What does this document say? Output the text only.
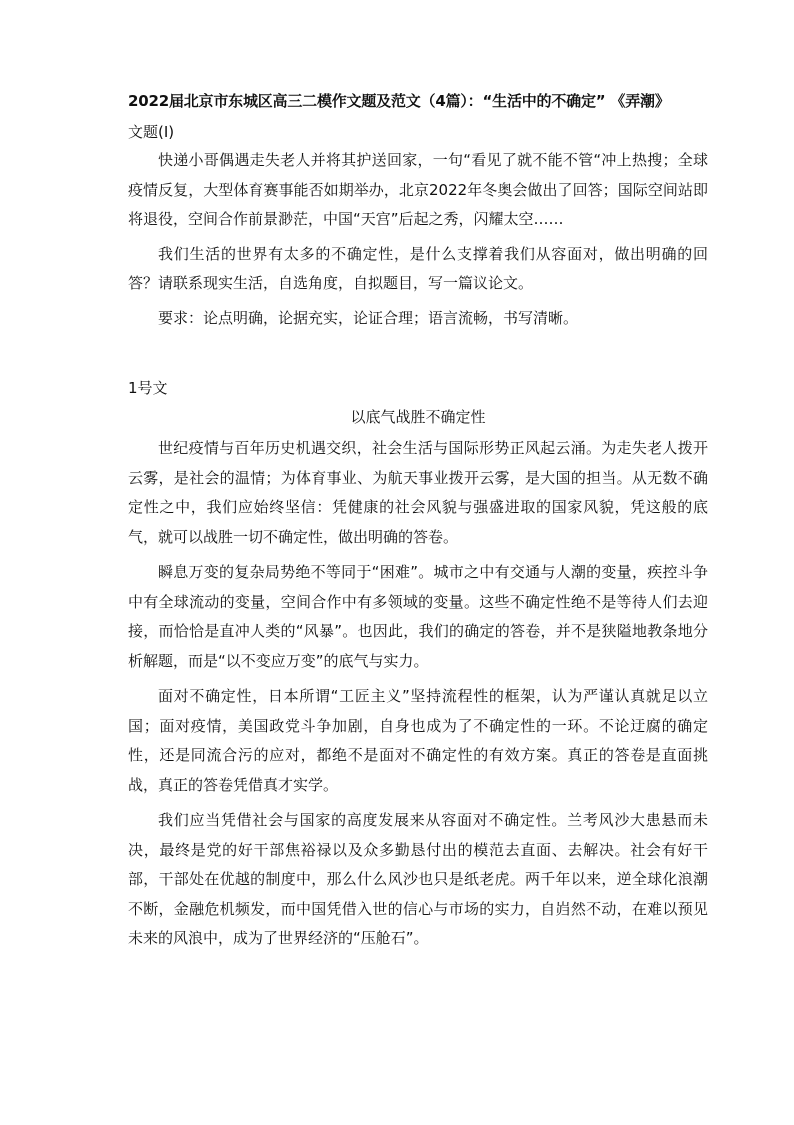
2022届北京市东城区高三二模作文题及范文（4篇）：“生活中的不确定” 《弄潮》

文题(I)

快递小哥偶遇走失老人并将其护送回家，一句“看见了就不能不管“冲上热搜；全球疫情反复，大型体育赛事能否如期举办，北京2022年冬奥会做出了回答；国际空间站即将退役，空间合作前景渺茫，中国“天宫”后起之秀，闪耀太空……

我们生活的世界有太多的不确定性，是什么支撑着我们从容面对，做出明确的回答？请联系现实生活，自选角度，自拟题目，写一篇议论文。

要求：论点明确，论据充实，论证合理；语言流畅，书写清晰。

1号文

以底气战胜不确定性

世纪疫情与百年历史机遇交织，社会生活与国际形势正风起云涌。为走失老人拨开云雾，是社会的温情；为体育事业、为航天事业拨开云雾，是大国的担当。从无数不确定性之中，我们应始终坚信：凭健康的社会风貌与强盛进取的国家风貌，凭这般的底气，就可以战胜一切不确定性，做出明确的答卷。

瞬息万变的复杂局势绝不等同于“困难”。城市之中有交通与人潮的变量，疾控斗争中有全球流动的变量，空间合作中有多领域的变量。这些不确定性绝不是等待人们去迎接，而恰恰是直冲人类的“风暴”。也因此，我们的确定的答卷，并不是狭隘地教条地分析解题，而是“以不变应万变”的底气与实力。

面对不确定性，日本所谓“工匠主义”坚持流程性的框架，认为严谨认真就足以立国；面对疫情，美国政党斗争加剧，自身也成为了不确定性的一环。不论迂腐的确定性，还是同流合污的应对，都绝不是面对不确定性的有效方案。真正的答卷是直面挑战，真正的答卷凭借真才实学。

我们应当凭借社会与国家的高度发展来从容面对不确定性。兰考风沙大患悬而未决，最终是党的好干部焦裕禄以及众多勤恳付出的模范去直面、去解决。社会有好干部，干部处在优越的制度中，那么什么风沙也只是纸老虎。两千年以来，逆全球化浪潮不断，金融危机频发，而中国凭借入世的信心与市场的实力，自岿然不动，在难以预见未来的风浪中，成为了世界经济的“压舱石”。
